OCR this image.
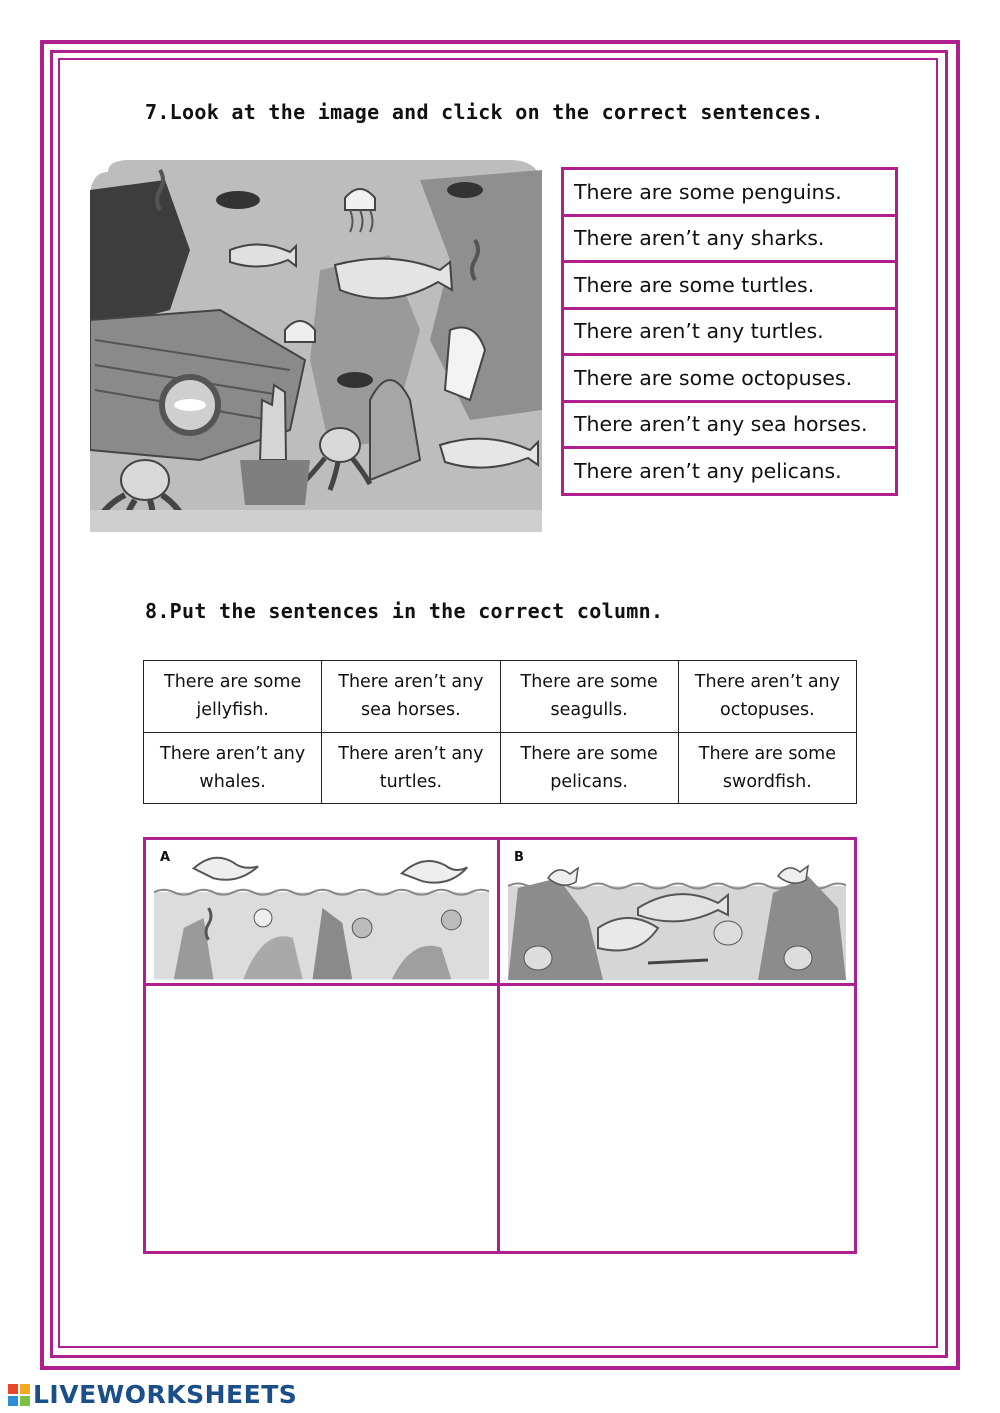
7.Look at the image and click on the correct sentences.
There are some penguins.
There aren’t any sharks.
There are some turtles.
There aren’t any turtles.
There are some octopuses.
There aren’t any sea horses.
There aren’t any pelicans.
8.Put the sentences in the correct column.
There are some jellyfish.	There aren’t any sea horses.	There are some seagulls.	There aren’t any octopuses.
There aren’t any whales.	There aren’t any turtles.	There are some pelicans.	There are some swordfish.
A	B
LIVEWORKSHEETS
